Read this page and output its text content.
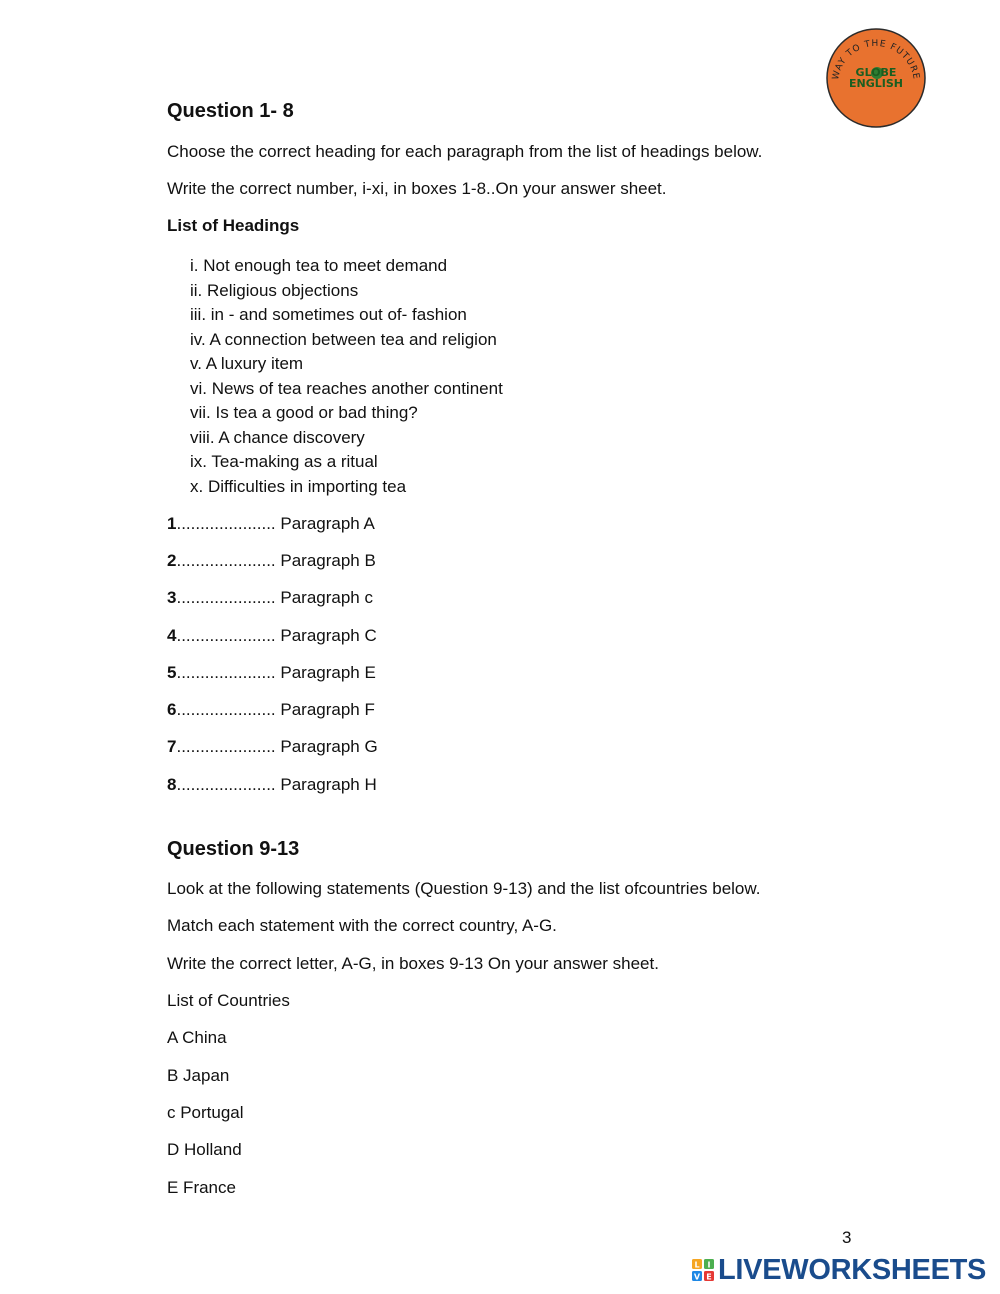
WAY TO THE FUTURE
GLOBE
ENGLISH
Question 1- 8
Choose the correct heading for each paragraph from the list of headings below.
Write the correct number, i-xi, in boxes 1-8..On your answer sheet.
List of Headings
i. Not enough tea to meet demand
ii. Religious objections
iii. in - and sometimes out of- fashion
iv. A connection between tea and religion
v. A luxury item
vi. News of tea reaches another continent
vii. Is tea a good or bad thing?
viii. A chance discovery
ix. Tea-making as a ritual
x. Difficulties in importing tea
1..................... Paragraph A
2..................... Paragraph B
3..................... Paragraph c
4..................... Paragraph C
5..................... Paragraph E
6..................... Paragraph F
7..................... Paragraph G
8..................... Paragraph H
Question 9-13
Look at the following statements (Question 9-13) and the list ofcountries below.
Match each statement with the correct country, A-G.
Write the correct letter, A-G, in boxes 9-13 On your answer sheet.
List of Countries
A China
B Japan
c Portugal
D Holland
E France
3
L I
V E LIVEWORKSHEETS
